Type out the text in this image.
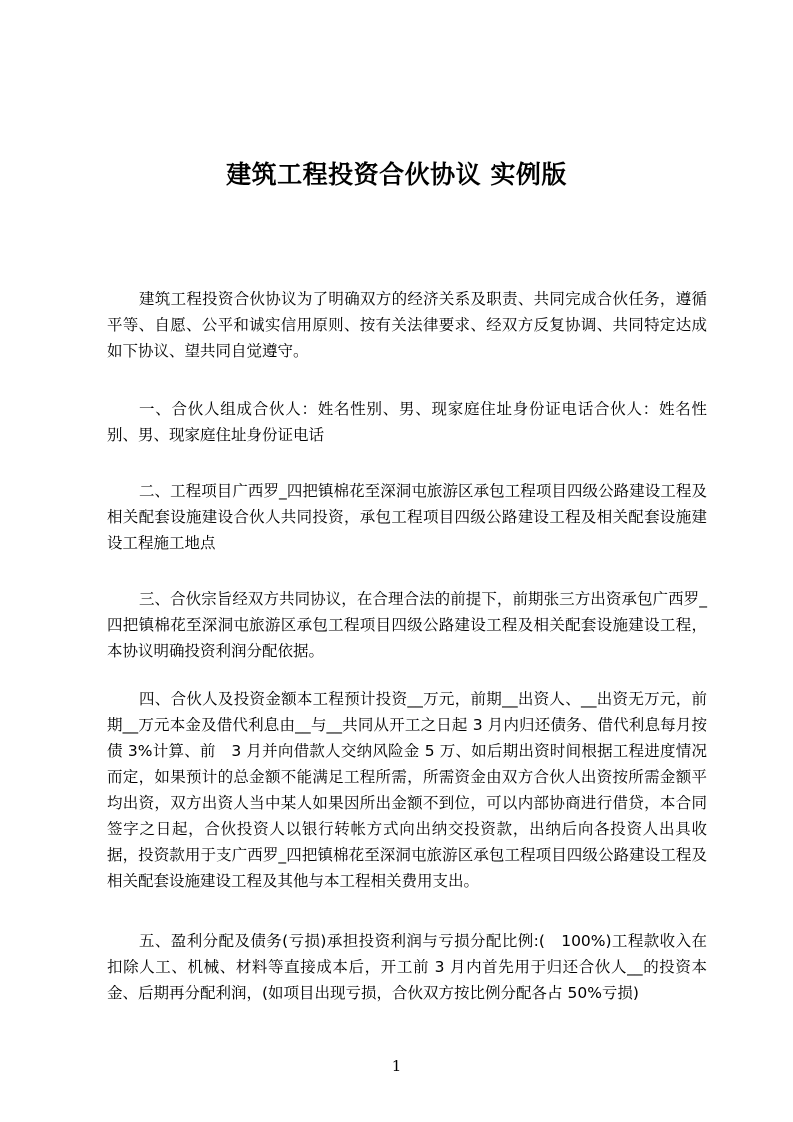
建筑工程投资合伙协议 实例版

建筑工程投资合伙协议为了明确双方的经济关系及职责、共同完成合伙任务，遵循平等、自愿、公平和诚实信用原则、按有关法律要求、经双方反复协调、共同特定达成如下协议、望共同自觉遵守。

一、合伙人组成合伙人：姓名性别、男、现家庭住址身份证电话合伙人：姓名性别、男、现家庭住址身份证电话

二、工程项目广西罗_四把镇棉花至深洞屯旅游区承包工程项目四级公路建设工程及相关配套设施建设合伙人共同投资，承包工程项目四级公路建设工程及相关配套设施建设工程施工地点

三、合伙宗旨经双方共同协议，在合理合法的前提下，前期张三方出资承包广西罗_四把镇棉花至深洞屯旅游区承包工程项目四级公路建设工程及相关配套设施建设工程，本协议明确投资利润分配依据。

四、合伙人及投资金额本工程预计投资__万元，前期__出资人、__出资无万元，前期__万元本金及借代利息由__与__共同从开工之日起 3 月内归还债务、借代利息每月按债 3%计算、前　3 月并向借款人交纳风险金 5 万、如后期出资时间根据工程进度情况而定，如果预计的总金额不能满足工程所需，所需资金由双方合伙人出资按所需金额平均出资，双方出资人当中某人如果因所出金额不到位，可以内部协商进行借贷，本合同签字之日起，合伙投资人以银行转帐方式向出纳交投资款，出纳后向各投资人出具收据，投资款用于支广西罗_四把镇棉花至深洞屯旅游区承包工程项目四级公路建设工程及相关配套设施建设工程及其他与本工程相关费用支出。

五、盈利分配及债务(亏损)承担投资利润与亏损分配比例:(　100%)工程款收入在扣除人工、机械、材料等直接成本后，开工前 3 月内首先用于归还合伙人__的投资本金、后期再分配利润，(如项目出现亏损，合伙双方按比例分配各占 50%亏损)

1
